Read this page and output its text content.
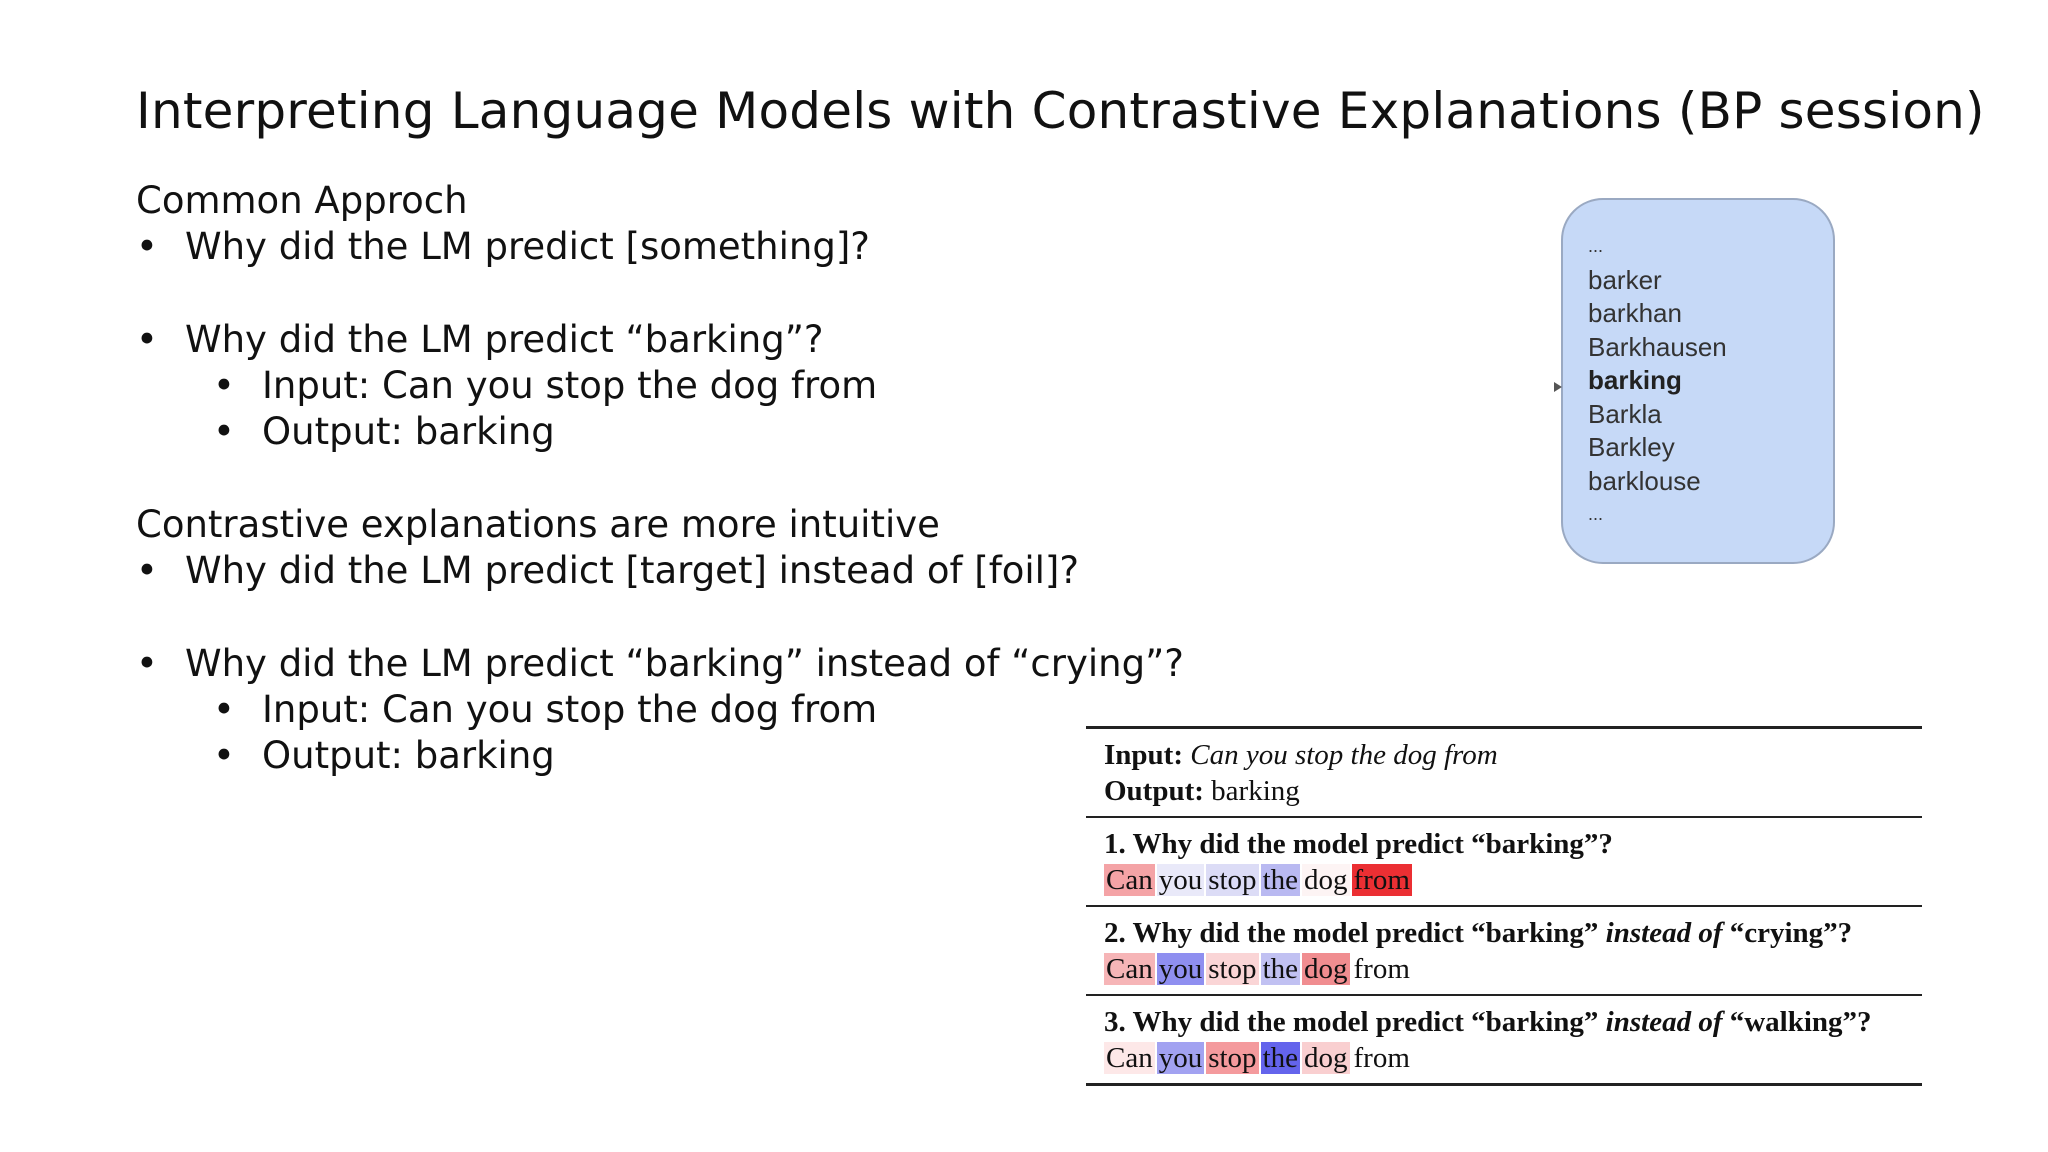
Interpreting Language Models with Contrastive Explanations (BP session)
Common Approch
• Why did the LM predict [something]?
• Why did the LM predict “barking”?
• Input: Can you stop the dog from
• Output: barking
Contrastive explanations are more intuitive
• Why did the LM predict [target] instead of [foil]?
• Why did the LM predict “barking” instead of “crying”?
• Input: Can you stop the dog from
• Output: barking
...
barker
barkhan
Barkhausen
barking
Barkla
Barkley
barklouse
...
Input: Can you stop the dog from
Output: barking
1. Why did the model predict “barking”?
Can you stop the dog from
2. Why did the model predict “barking” instead of “crying”?
Can you stop the dog from
3. Why did the model predict “barking” instead of “walking”?
Can you stop the dog from
